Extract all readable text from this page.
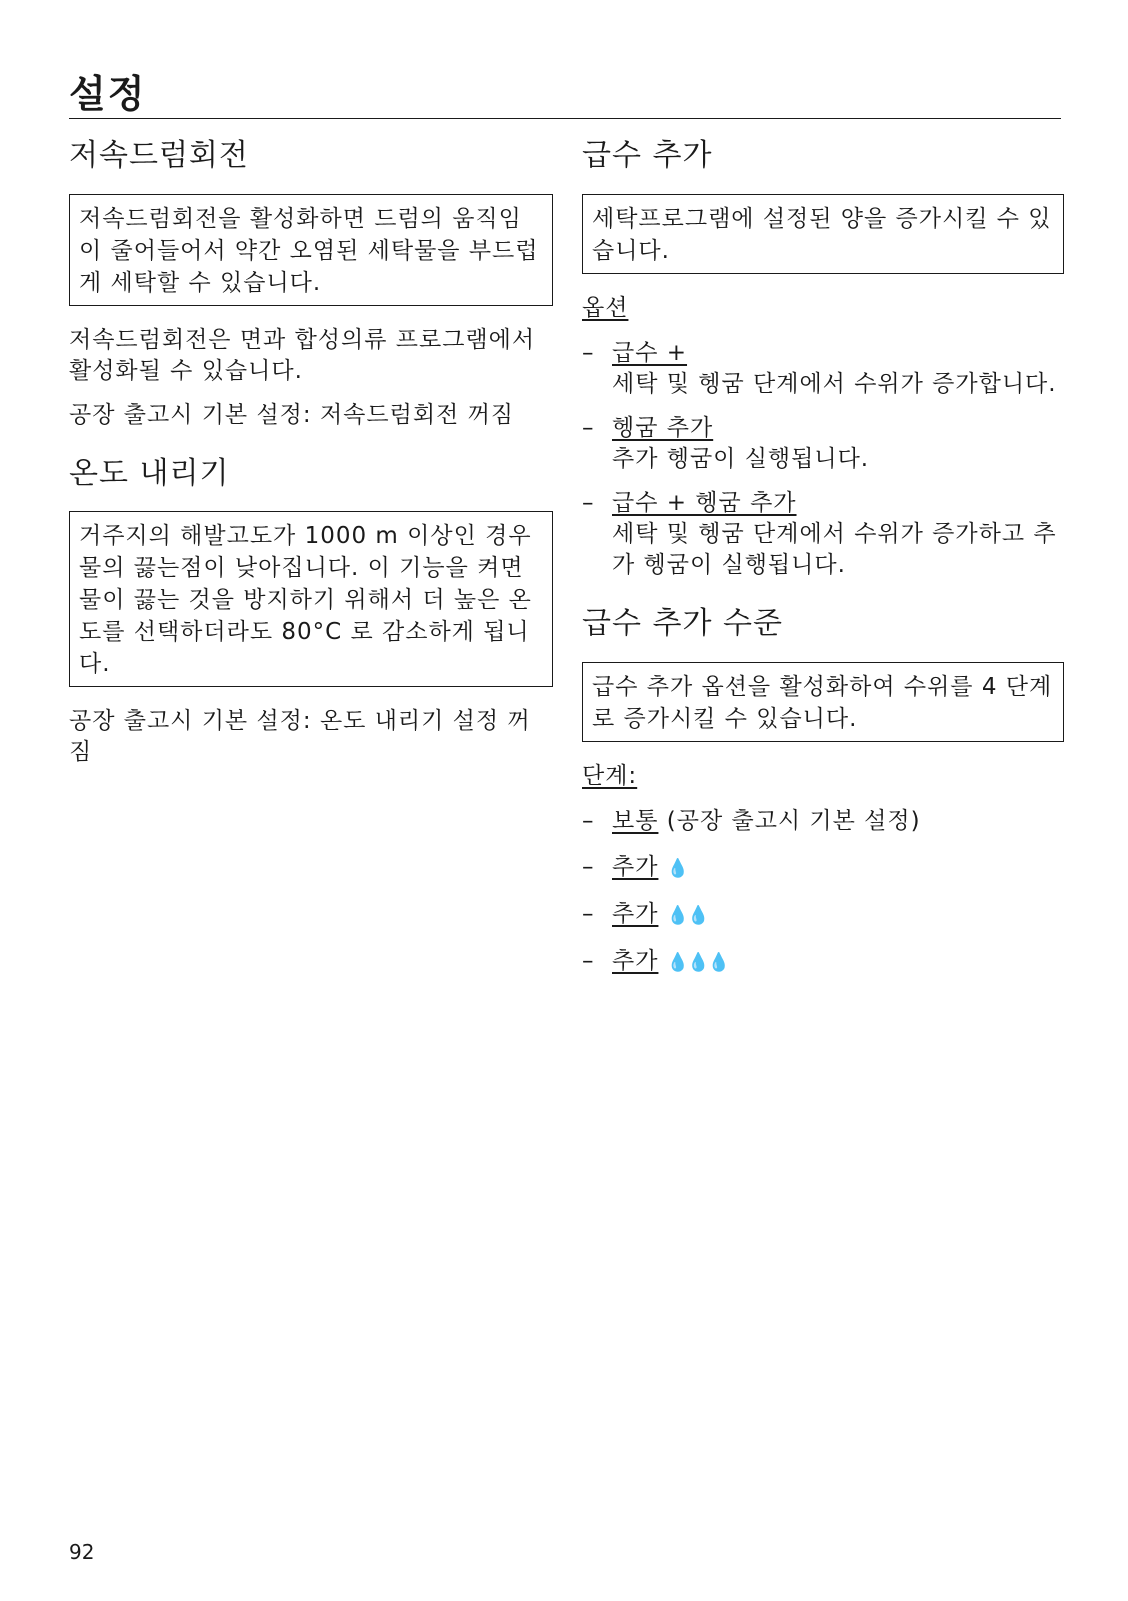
설정
저속드럼회전
저속드럼회전을 활성화하면 드럼의 움직임이 줄어들어서 약간 오염된 세탁물을 부드럽게 세탁할 수 있습니다.

저속드럼회전은 면과 합성의류 프로그램에서 활성화될 수 있습니다.

공장 출고시 기본 설정: 저속드럼회전 꺼짐

온도 내리기
거주지의 해발고도가 1000 m 이상인 경우 물의 끓는점이 낮아집니다. 이 기능을 켜면 물이 끓는 것을 방지하기 위해서 더 높은 온도를 선택하더라도 80°C 로 감소하게 됩니다.

공장 출고시 기본 설정: 온도 내리기 설정 꺼짐

급수 추가
세탁프로그램에 설정된 양을 증가시킬 수 있습니다.

옵션

– 급수 +
세탁 및 헹굼 단계에서 수위가 증가합니다.
– 헹굼 추가
추가 헹굼이 실행됩니다.
– 급수 + 헹굼 추가
세탁 및 헹굼 단계에서 수위가 증가하고 추가 헹굼이 실행됩니다.
급수 추가 수준
급수 추가 옵션을 활성화하여 수위를 4 단계로 증가시킬 수 있습니다.

단계:

– 보통 (공장 출고시 기본 설정)
– 추가 💧
– 추가 💧💧
– 추가 💧💧💧
92
